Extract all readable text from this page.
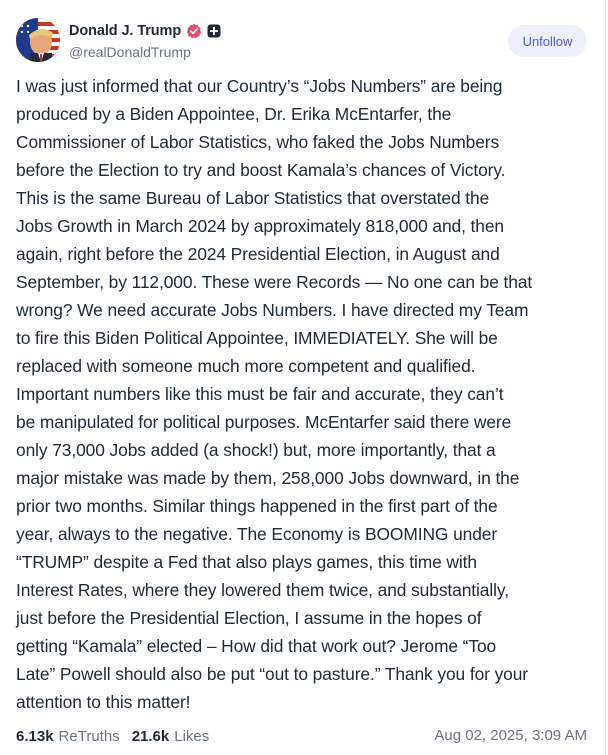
Donald J. Trump
@realDonaldTrump
Unfollow
I was just informed that our Country’s “Jobs Numbers” are being
produced by a Biden Appointee, Dr. Erika McEntarfer, the
Commissioner of Labor Statistics, who faked the Jobs Numbers
before the Election to try and boost Kamala’s chances of Victory.
This is the same Bureau of Labor Statistics that overstated the
Jobs Growth in March 2024 by approximately 818,000 and, then
again, right before the 2024 Presidential Election, in August and
September, by 112,000. These were Records — No one can be that
wrong? We need accurate Jobs Numbers. I have directed my Team
to fire this Biden Political Appointee, IMMEDIATELY. She will be
replaced with someone much more competent and qualified.
Important numbers like this must be fair and accurate, they can’t
be manipulated for political purposes. McEntarfer said there were
only 73,000 Jobs added (a shock!) but, more importantly, that a
major mistake was made by them, 258,000 Jobs downward, in the
prior two months. Similar things happened in the first part of the
year, always to the negative. The Economy is BOOMING under
“TRUMP” despite a Fed that also plays games, this time with
Interest Rates, where they lowered them twice, and substantially,
just before the Presidential Election, I assume in the hopes of
getting “Kamala” elected – How did that work out? Jerome “Too
Late” Powell should also be put “out to pasture.” Thank you for your
attention to this matter!
6.13k ReTruths 21.6k Likes	Aug 02, 2025, 3:09 AM
